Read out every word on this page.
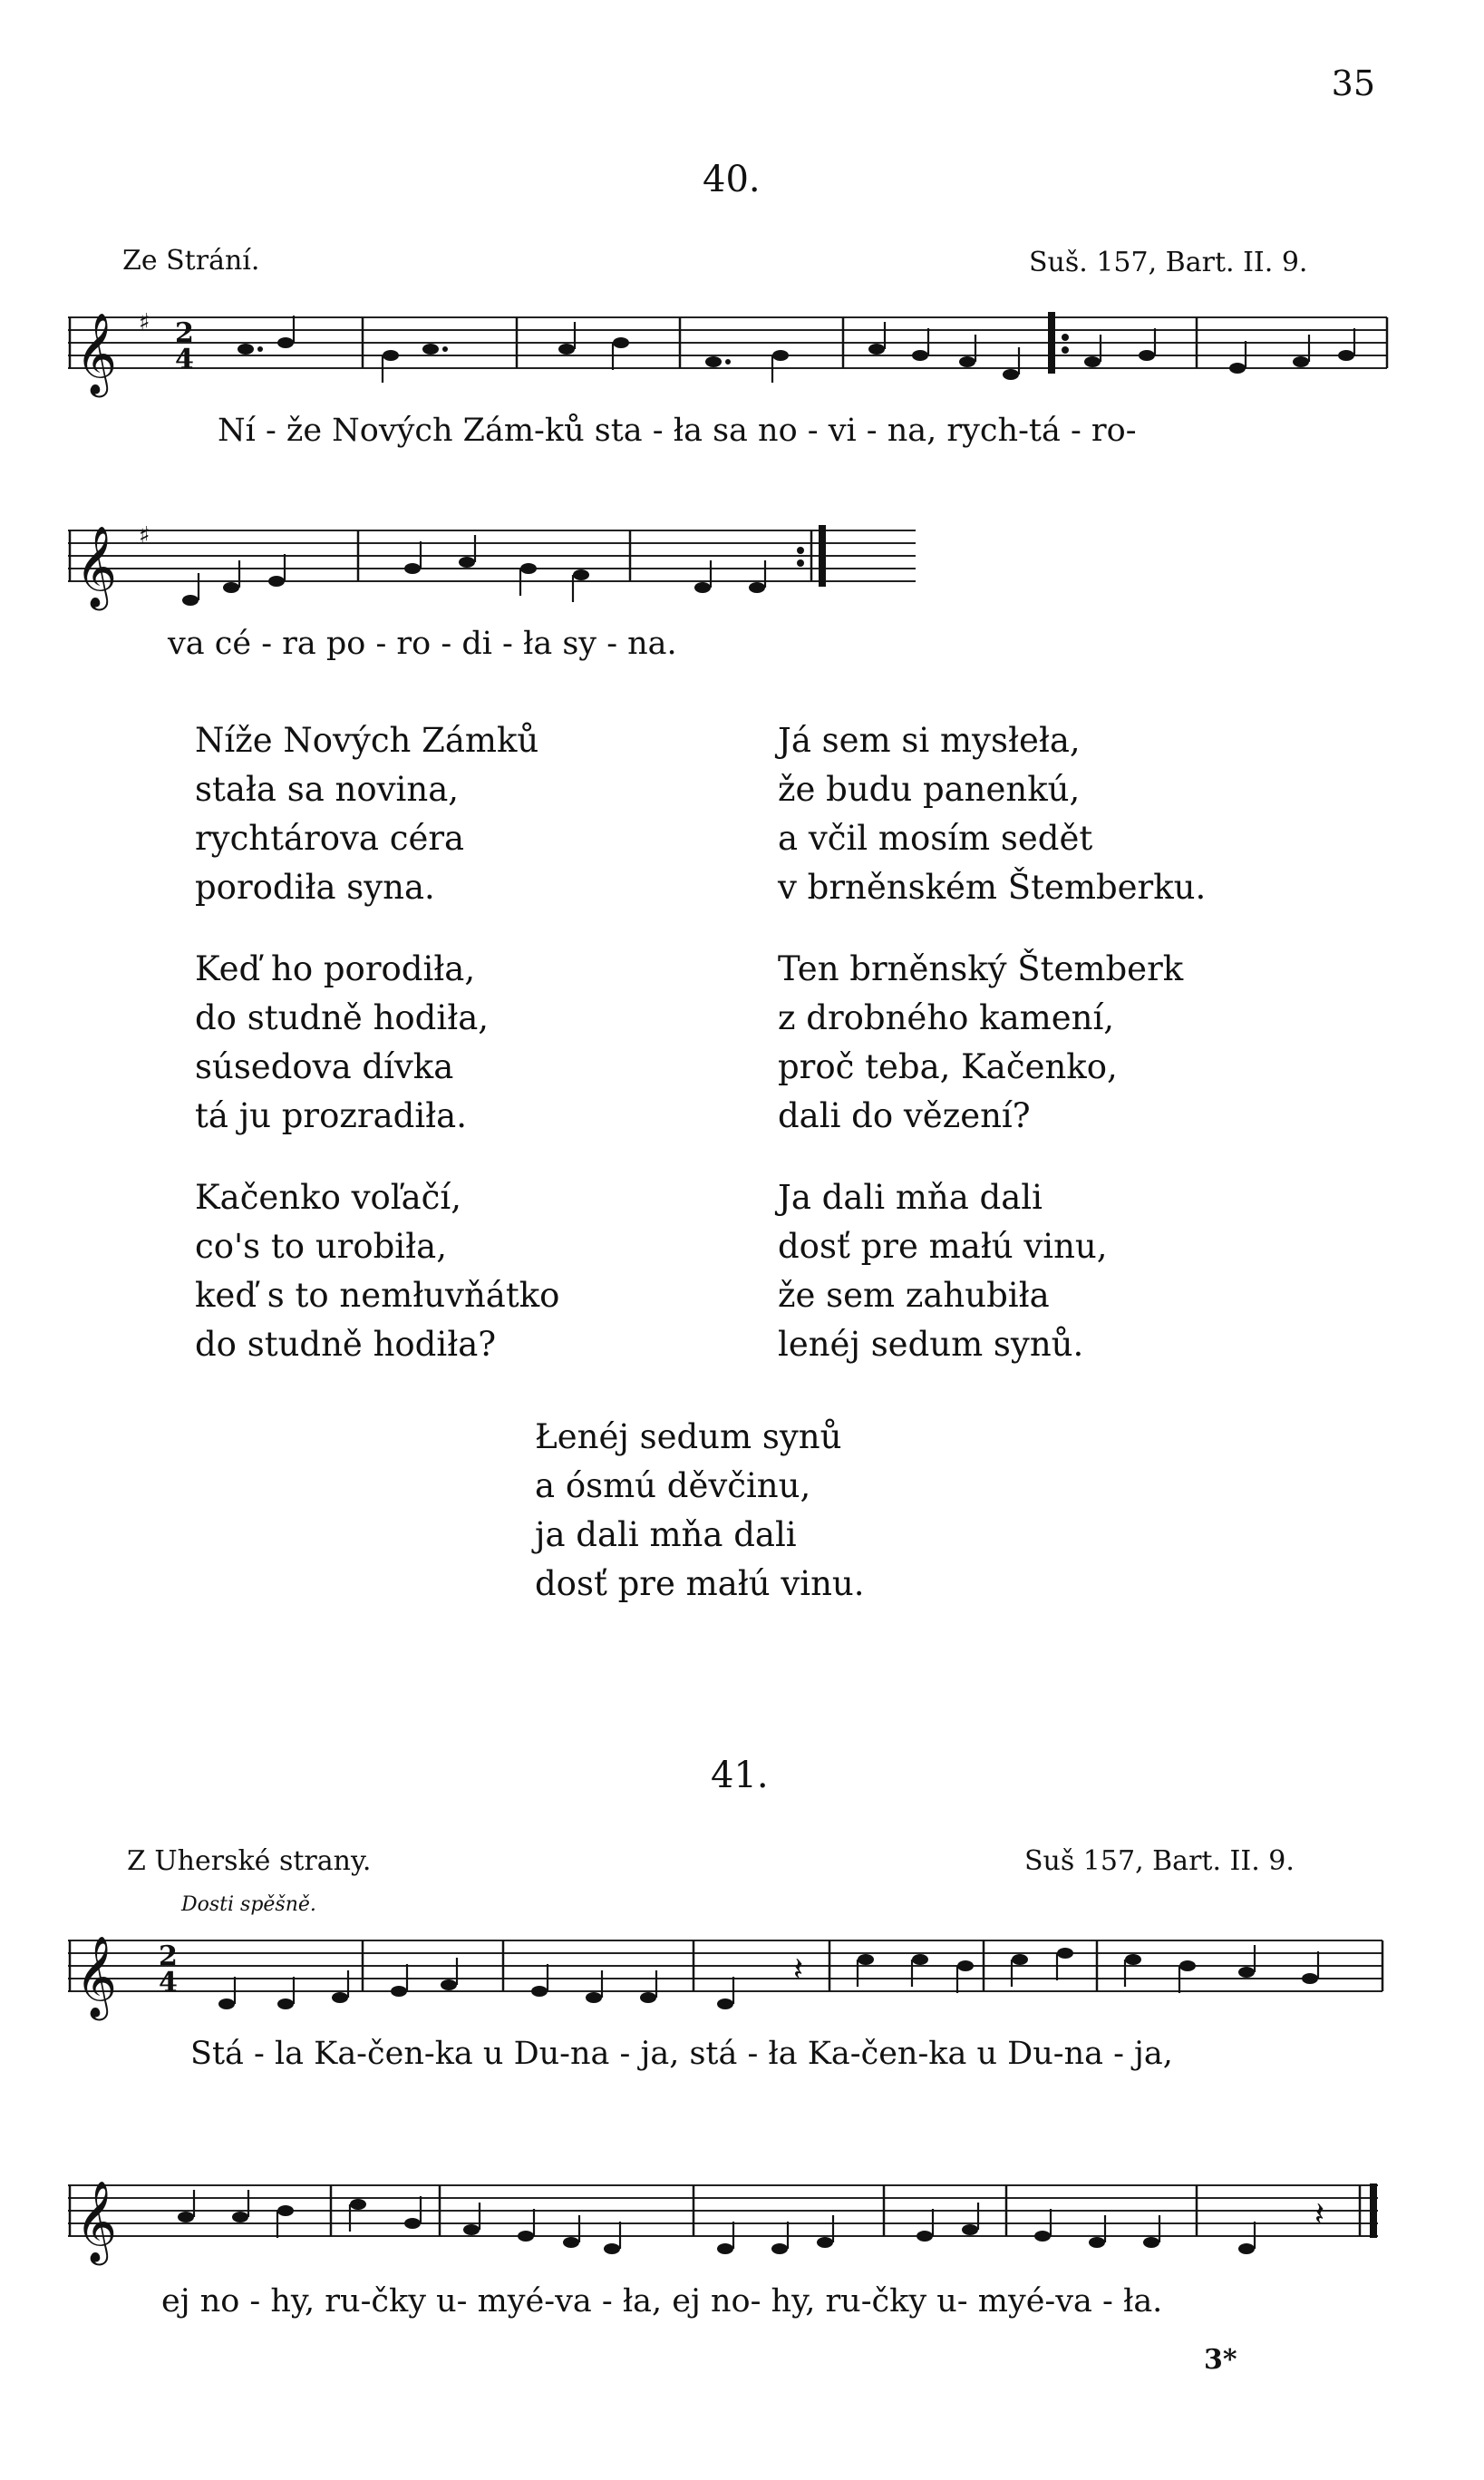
35
40.
Ze Strání.	Suš. 157, Bart. II. 9.
𝄞 ♯ 2
4
Ní - že Nových Zám-ků sta - ła sa no - vi - na, rych-tá - ro-
𝄞 ♯
va cé - ra po - ro - di - ła sy - na.
Níže Nových Zámků
stała sa novina,
rychtárova céra
porodiła syna.
Keď ho porodiła,
do studně hodiła,
súsedova dívka
tá ju prozradiła.
Kačenko voľačí,
co's to urobiła,
keď s to nemłuvňátko
do studně hodiła?
Já sem si mysłeła,
že budu panenkú,
a včil mosím sedět
v brněnském Štemberku.
Ten brněnský Štemberk
z drobného kamení,
proč teba, Kačenko,
dali do vězení?
Ja dali mňa dali
dosť pre małú vinu,
že sem zahubiła
lenéj sedum synů.
Łenéj sedum synů
a ósmú děvčinu,
ja dali mňa dali
dosť pre małú vinu.
41.
Z Uherské strany.	Suš 157, Bart. II. 9.
Dosti spěšně.
𝄞 2
4	𝄽
Stá - la Ka-čen-ka u Du-na - ja, stá - ła Ka-čen-ka u Du-na - ja,
𝄞	𝄽
ej no - hy, ru-čky u- myé-va - ła, ej no- hy, ru-čky u- myé-va - ła.
3*
